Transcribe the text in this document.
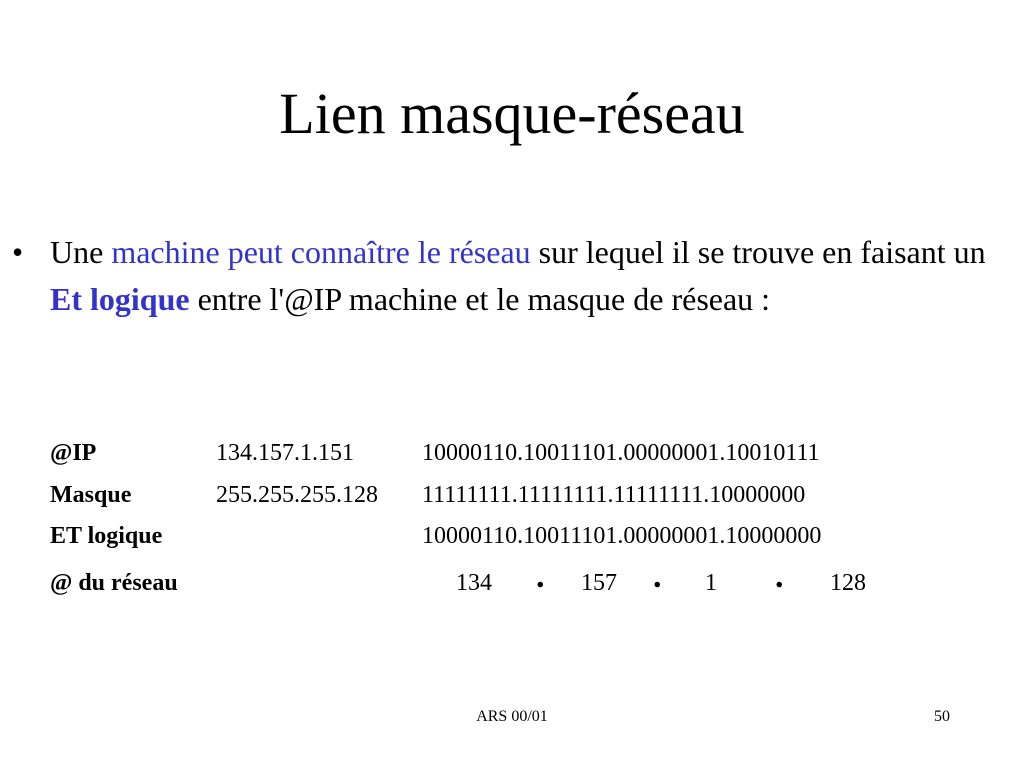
Lien masque-réseau
• Une machine peut connaître le réseau sur lequel il se trouve en faisant un Et logique entre l'@IP machine et le masque de réseau :
@IP	134.157.1.151	10000110.10011101.00000001.10010111
Masque	255.255.255.128 11111111.11111111.11111111.10000000
ET logique	10000110.10011101.00000001.10000000
@ du réseau	134 . 157 . 1 . 128
ARS 00/01	50
